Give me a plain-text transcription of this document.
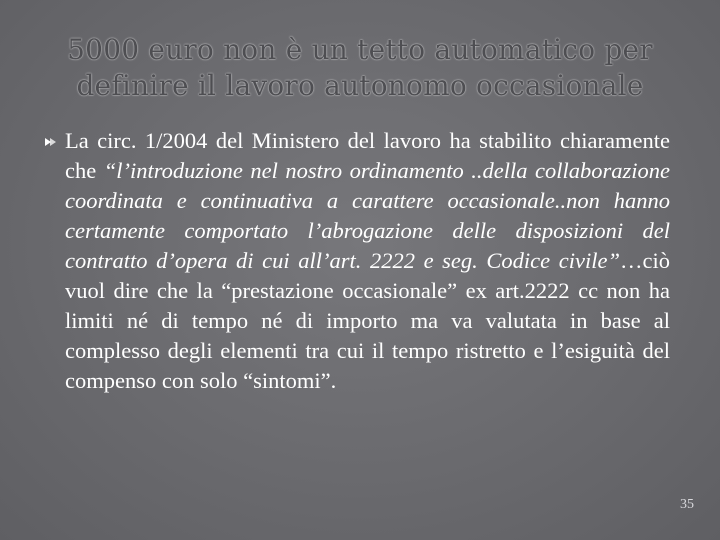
5000 euro non è un tetto automatico per definire il lavoro autonomo occasionale

La circ. 1/2004 del Ministero del lavoro ha stabilito chiaramente che “l’introduzione nel nostro ordinamento ..della collaborazione coordinata e continuativa a carattere occasionale..non hanno certamente comportato l’abrogazione delle disposizioni del contratto d’opera di cui all’art. 2222 e seg. Codice civile”…ciò vuol dire che la “prestazione occasionale” ex art.2222 cc non ha limiti né di tempo né di importo ma va valutata in base al complesso degli elementi tra cui il tempo ristretto e l’esiguità del compenso con solo “sintomi”.

35
